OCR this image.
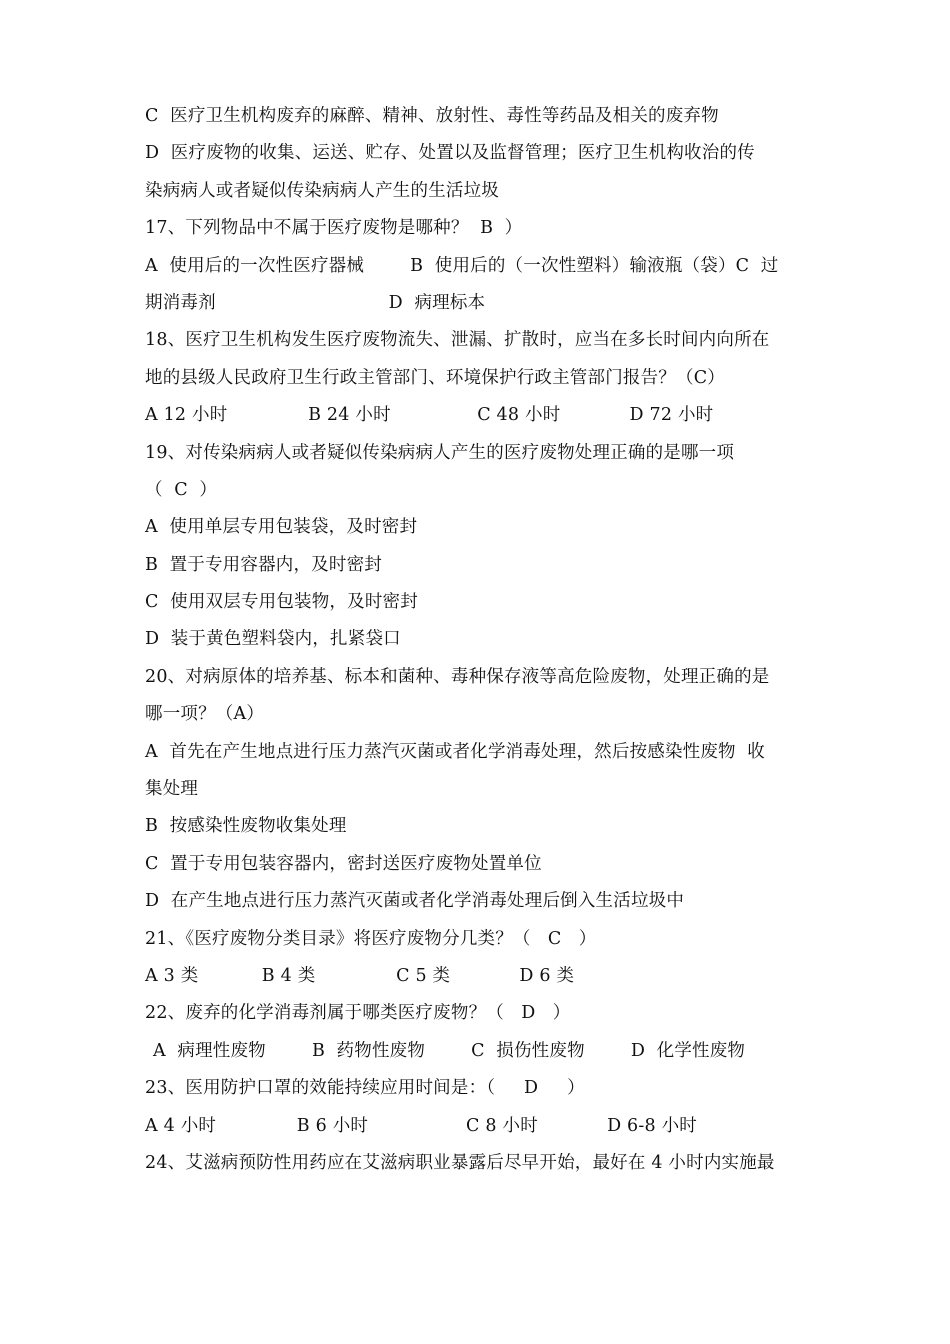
C  医疗卫生机构废弃的麻醉、精神、放射性、毒性等药品及相关的废弃物
D  医疗废物的收集、运送、贮存、处置以及监督管理；医疗卫生机构收治的传
染病病人或者疑似传染病病人产生的生活垃圾
17、下列物品中不属于医疗废物是哪种？  B  ）
A  使用后的一次性医疗器械        B  使用后的（一次性塑料）输液瓶（袋）C  过
期消毒剂                              D  病理标本
18、医疗卫生机构发生医疗废物流失、泄漏、扩散时，应当在多长时间内向所在
地的县级人民政府卫生行政主管部门、环境保护行政主管部门报告？（C）
A 12 小时              B 24 小时               C 48 小时            D 72 小时
19、对传染病病人或者疑似传染病病人产生的医疗废物处理正确的是哪一项
（  C  ）
A  使用单层专用包装袋，及时密封
B  置于专用容器内，及时密封
C  使用双层专用包装物，及时密封
D  装于黄色塑料袋内，扎紧袋口
20、对病原体的培养基、标本和菌种、毒种保存液等高危险废物，处理正确的是
哪一项？（A）
A  首先在产生地点进行压力蒸汽灭菌或者化学消毒处理，然后按感染性废物  收
集处理
B  按感染性废物收集处理
C  置于专用包装容器内，密封送医疗废物处置单位
D  在产生地点进行压力蒸汽灭菌或者化学消毒处理后倒入生活垃圾中
21、《医疗废物分类目录》将医疗废物分几类？（   C   ）
A 3 类           B 4 类              C 5 类            D 6 类
22、废弃的化学消毒剂属于哪类医疗废物？（   D   ）
A  病理性废物        B  药物性废物        C  损伤性废物        D  化学性废物
23、医用防护口罩的效能持续应用时间是：（     D     ）
A 4 小时              B 6 小时                 C 8 小时            D 6-8 小时
24、艾滋病预防性用药应在艾滋病职业暴露后尽早开始，最好在 4 小时内实施最
